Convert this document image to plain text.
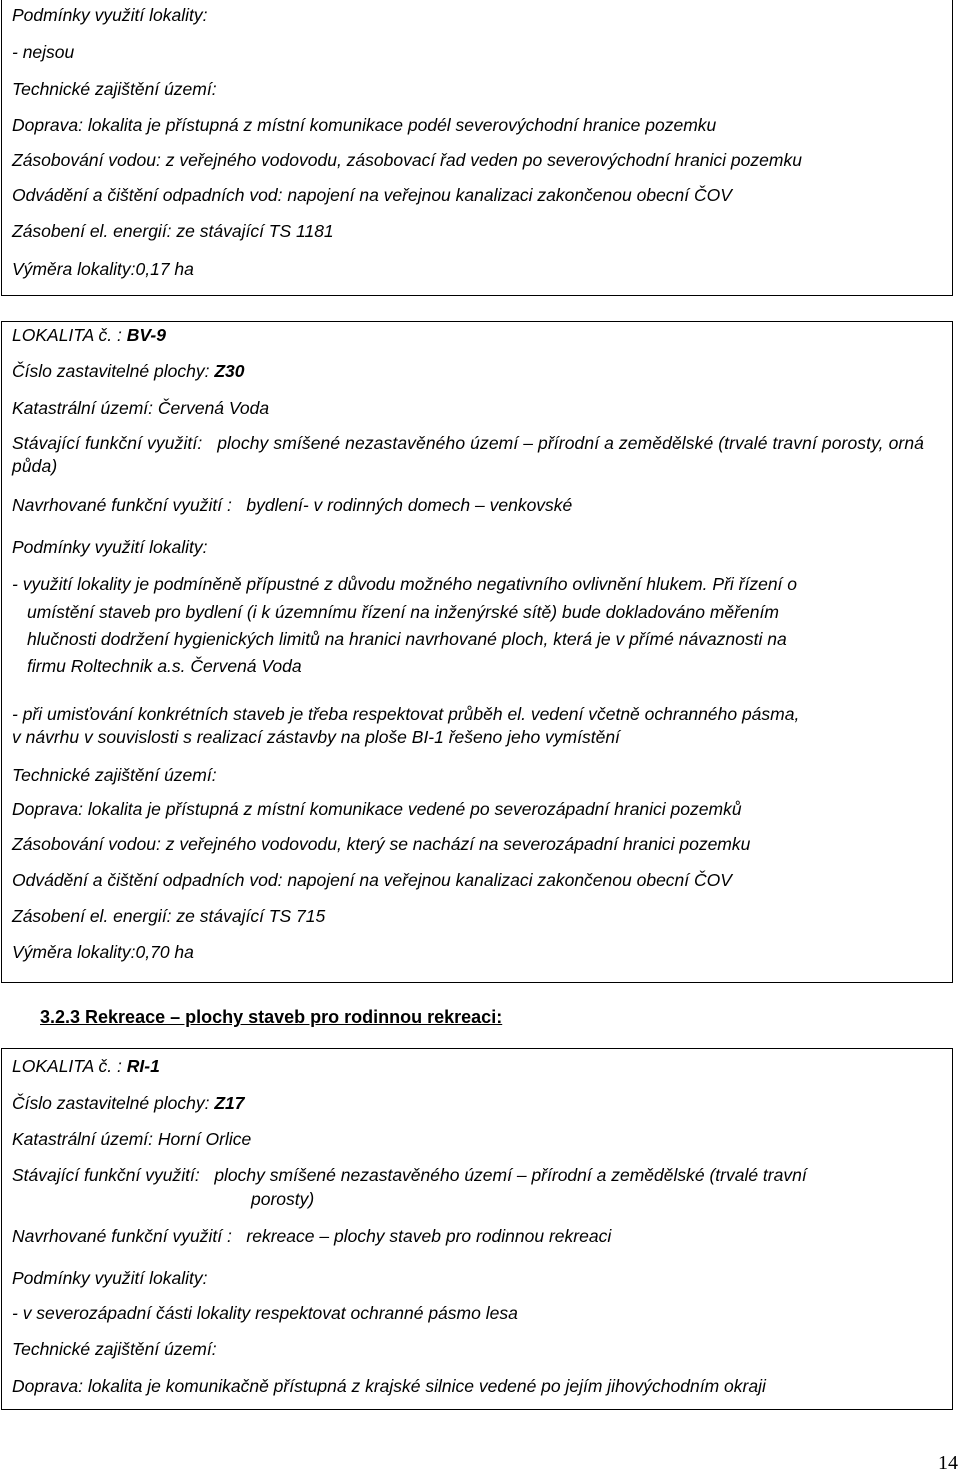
Podmínky využití lokality:

- nejsou

Technické zajištění území:

Doprava: lokalita je přístupná z místní komunikace podél severovýchodní hranice pozemku

Zásobování vodou: z veřejného vodovodu, zásobovací řad veden po severovýchodní hranici pozemku

Odvádění a čištění odpadních vod: napojení na veřejnou kanalizaci zakončenou obecní ČOV

Zásobení el. energií: ze stávající TS 1181

Výměra lokality:0,17 ha

LOKALITA č. : BV-9

Číslo zastavitelné plochy: Z30

Katastrální území: Červená Voda

Stávající funkční využití: plochy smíšené nezastavěného území – přírodní a zemědělské (trvalé travní porosty, orná půda)

Navrhované funkční využití : bydlení- v rodinných domech – venkovské

Podmínky využití lokality:

- využití lokality je podmíněně přípustné z důvodu možného negativního ovlivnění hlukem. Při řízení o

umístění staveb pro bydlení (i k územnímu řízení na inženýrské sítě) bude dokladováno měřením

hlučnosti dodržení hygienických limitů na hranici navrhované ploch, která je v přímé návaznosti na

firmu Roltechnik a.s. Červená Voda

- při umisťování konkrétních staveb je třeba respektovat průběh el. vedení včetně ochranného pásma,

v návrhu v souvislosti s realizací zástavby na ploše BI-1 řešeno jeho vymístění

Technické zajištění území:

Doprava: lokalita je přístupná z místní komunikace vedené po severozápadní hranici pozemků

Zásobování vodou: z veřejného vodovodu, který se nachází na severozápadní hranici pozemku

Odvádění a čištění odpadních vod: napojení na veřejnou kanalizaci zakončenou obecní ČOV

Zásobení el. energií: ze stávající TS 715

Výměra lokality:0,70 ha

3.2.3 Rekreace – plochy staveb pro rodinnou rekreaci:

LOKALITA č. : RI-1

Číslo zastavitelné plochy: Z17

Katastrální území: Horní Orlice

Stávající funkční využití: plochy smíšené nezastavěného území – přírodní a zemědělské (trvalé travní

porosty)

Navrhované funkční využití : rekreace – plochy staveb pro rodinnou rekreaci

Podmínky využití lokality:

- v severozápadní části lokality respektovat ochranné pásmo lesa

Technické zajištění území:

Doprava: lokalita je komunikačně přístupná z krajské silnice vedené po jejím jihovýchodním okraji

14
